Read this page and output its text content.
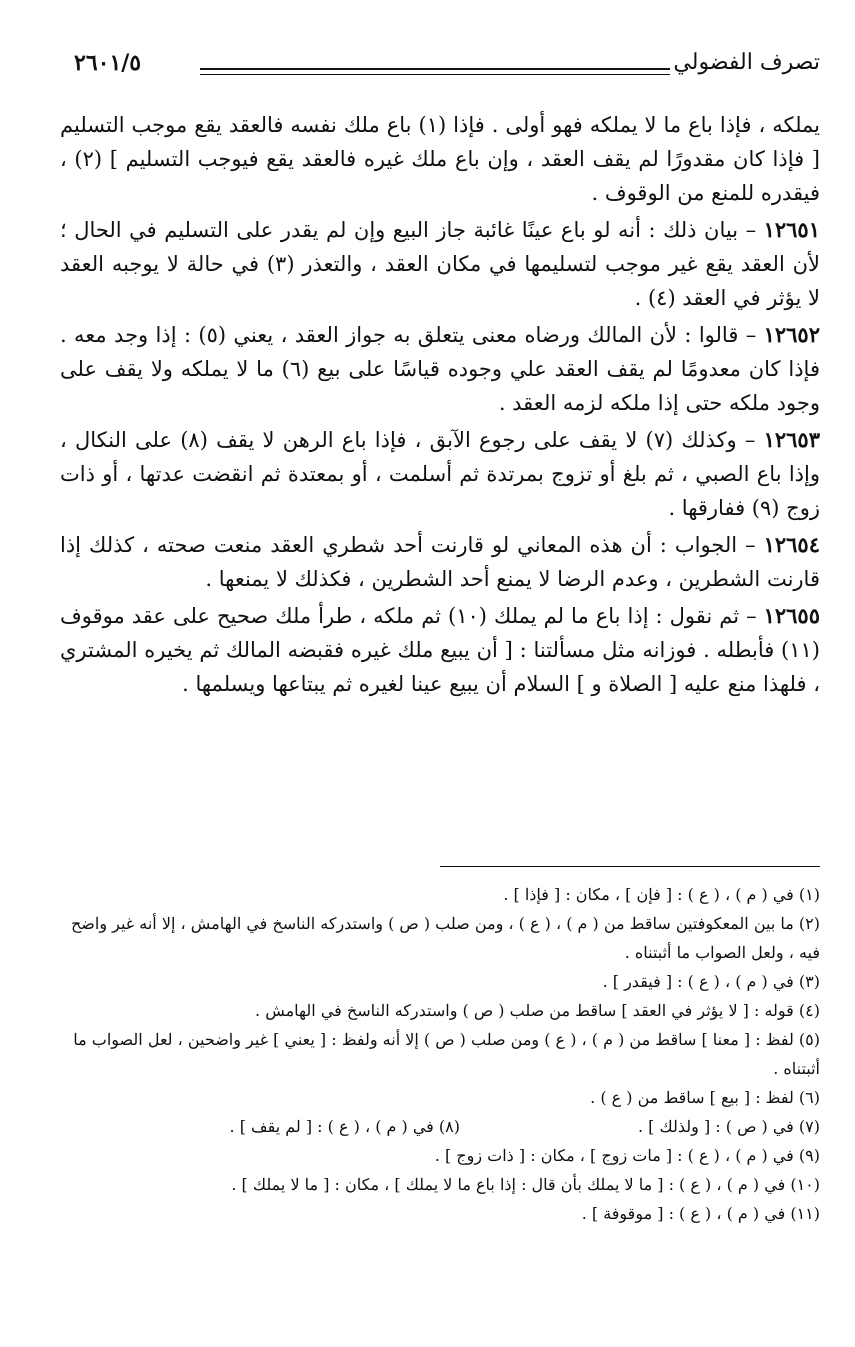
تصرف الفضولي
٢٦٠١/٥

يملكه ، فإذا باع ما لا يملكه فهو أولى . فإذا (١) باع ملك نفسه فالعقد يقع موجب التسليم [ فإذا كان مقدورًا لم يقف العقد ، وإن باع ملك غيره فالعقد يقع فيوجب التسليم ] (٢) ، فيقدره للمنع من الوقوف .

١٢٦٥١ – بيان ذلك : أنه لو باع عينًا غائبة جاز البيع وإن لم يقدر على التسليم في الحال ؛ لأن العقد يقع غير موجب لتسليمها في مكان العقد ، والتعذر (٣) في حالة لا يوجبه العقد لا يؤثر في العقد (٤) .

١٢٦٥٢ – قالوا : لأن المالك ورضاه معنى يتعلق به جواز العقد ، يعني (٥) : إذا وجد معه . فإذا كان معدومًا لم يقف العقد علي وجوده قياسًا على بيع (٦) ما لا يملكه ولا يقف على وجود ملكه حتى إذا ملكه لزمه العقد .

١٢٦٥٣ – وكذلك (٧) لا يقف على رجوع الآبق ، فإذا باع الرهن لا يقف (٨) على النكال ، وإذا باع الصبي ، ثم بلغ أو تزوج بمرتدة ثم أسلمت ، أو بمعتدة ثم انقضت عدتها ، أو ذات زوج (٩) ففارقها .

١٢٦٥٤ – الجواب : أن هذه المعاني لو قارنت أحد شطري العقد منعت صحته ، كذلك إذا قارنت الشطرين ، وعدم الرضا لا يمنع أحد الشطرين ، فكذلك لا يمنعها .

١٢٦٥٥ – ثم نقول : إذا باع ما لم يملك (١٠) ثم ملكه ، طرأ ملك صحيح على عقد موقوف (١١) فأبطله . فوزانه مثل مسألتنا : [ أن يبيع ملك غيره فقبضه المالك ثم يخيره المشتري ، فلهذا منع عليه [ الصلاة و ] السلام أن يبيع عينا لغيره ثم يبتاعها ويسلمها .

(١) في ( م ) ، ( ع ) : [ فإن ] ، مكان : [ فإذا ] .

(٢) ما بين المعكوفتين ساقط من ( م ) ، ( ع ) ، ومن صلب ( ص ) واستدركه الناسخ في الهامش ، إلا أنه غير واضح فيه ، ولعل الصواب ما أثبتناه .

(٣) في ( م ) ، ( ع ) : [ فيقدر ] .

(٤) قوله : [ لا يؤثر في العقد ] ساقط من صلب ( ص ) واستدركه الناسخ في الهامش .

(٥) لفظ : [ معنا ] ساقط من ( م ) ، ( ع ) ومن صلب ( ص ) إلا أنه ولفظ : [ يعني ] غير واضحين ، لعل الصواب ما أثبتناه .

(٦) لفظ : [ بيع ] ساقط من ( ع ) .

(٧) في ( ص ) : [ ولذلك ] .
(٨) في ( م ) ، ( ع ) : [ لم يقف ] .

(٩) في ( م ) ، ( ع ) : [ مات زوج ] ، مكان : [ ذات زوج ] .

(١٠) في ( م ) ، ( ع ) : [ ما لا يملك بأن قال : إذا باع ما لا يملك ] ، مكان : [ ما لا يملك ] .

(١١) في ( م ) ، ( ع ) : [ موقوفة ] .
